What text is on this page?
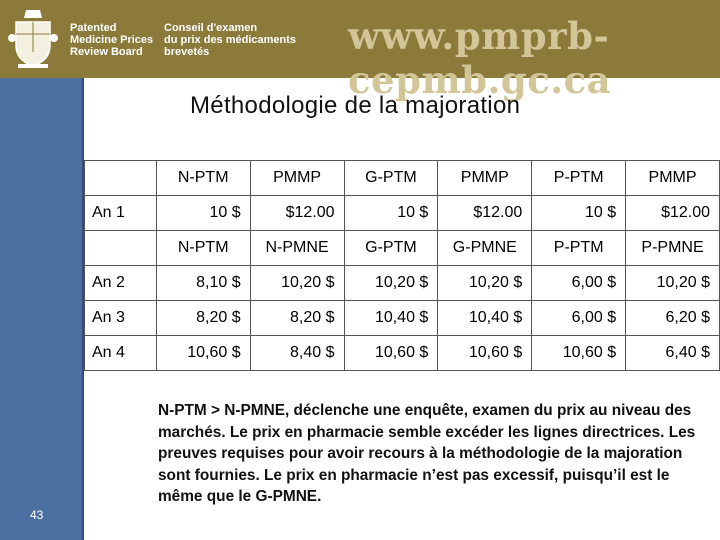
Patented
Medicine Prices
Review Board
Conseil d'examen
du prix des médicaments
brevetés	www.pmprb-cepmb.gc.ca
43
Méthodologie de la majoration
	N-PTM	PMMP	G-PTM	PMMP	P-PTM	PMMP
An 1	10 $	$12.00	10 $	$12.00	10 $	$12.00
	N-PTM	N-PMNE	G-PTM	G-PMNE	P-PTM	P-PMNE
An 2	8,10 $	10,20 $	10,20 $	10,20 $	6,00 $	10,20 $
An 3	8,20 $	8,20 $	10,40 $	10,40 $	6,00 $	6,20 $
An 4	10,60 $	8,40 $	10,60 $	10,60 $	10,60 $	6,40 $
N-PTM > N-PMNE, déclenche une enquête, examen du prix au niveau des marchés. Le prix en pharmacie semble excéder les lignes directrices. Les preuves requises pour avoir recours à la méthodologie de la majoration sont fournies. Le prix en pharmacie n’est pas excessif, puisqu’il est le même que le G-PMNE.
